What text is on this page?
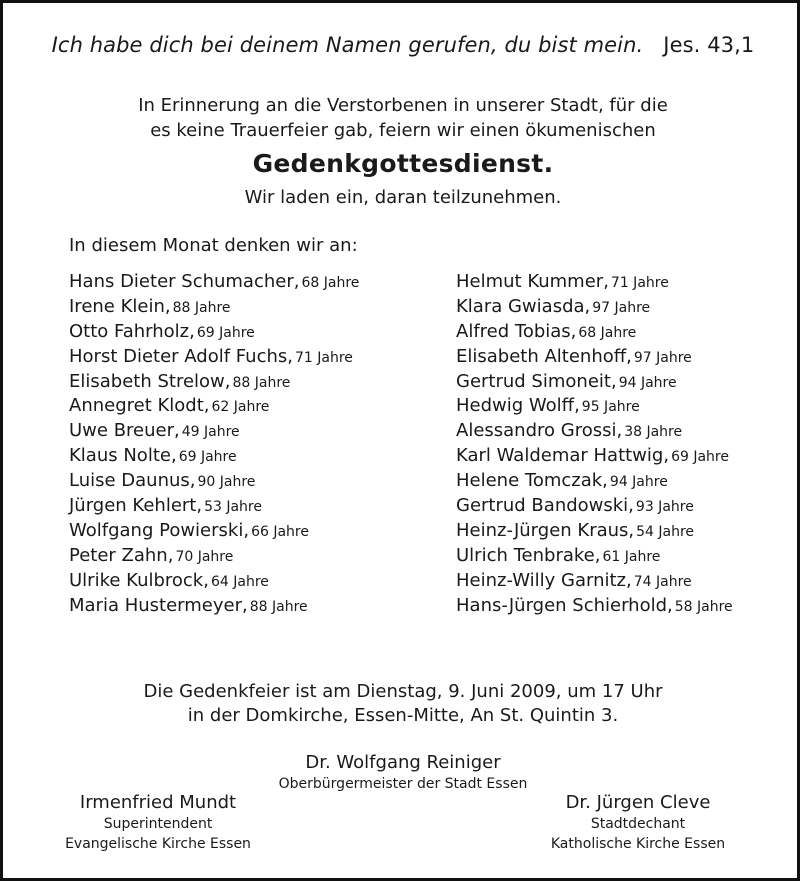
Ich habe dich bei deinem Namen gerufen, du bist mein. Jes. 43,1
In Erinnerung an die Verstorbenen in unserer Stadt, für die
es keine Trauerfeier gab, feiern wir einen ökumenischen
Gedenkgottesdienst.
Wir laden ein, daran teilzunehmen.
In diesem Monat denken wir an:
Hans Dieter Schumacher, 68 Jahre
Irene Klein, 88 Jahre
Otto Fahrholz, 69 Jahre
Horst Dieter Adolf Fuchs, 71 Jahre
Elisabeth Strelow, 88 Jahre
Annegret Klodt, 62 Jahre
Uwe Breuer, 49 Jahre
Klaus Nolte, 69 Jahre
Luise Daunus, 90 Jahre
Jürgen Kehlert, 53 Jahre
Wolfgang Powierski, 66 Jahre
Peter Zahn, 70 Jahre
Ulrike Kulbrock, 64 Jahre
Maria Hustermeyer, 88 Jahre
Helmut Kummer, 71 Jahre
Klara Gwiasda, 97 Jahre
Alfred Tobias, 68 Jahre
Elisabeth Altenhoff, 97 Jahre
Gertrud Simoneit, 94 Jahre
Hedwig Wolff, 95 Jahre
Alessandro Grossi, 38 Jahre
Karl Waldemar Hattwig, 69 Jahre
Helene Tomczak, 94 Jahre
Gertrud Bandowski, 93 Jahre
Heinz-Jürgen Kraus, 54 Jahre
Ulrich Tenbrake, 61 Jahre
Heinz-Willy Garnitz, 74 Jahre
Hans-Jürgen Schierhold, 58 Jahre
Die Gedenkfeier ist am Dienstag, 9. Juni 2009, um 17 Uhr
in der Domkirche, Essen-Mitte, An St. Quintin 3.
Dr. Wolfgang Reiniger
Oberbürgermeister der Stadt Essen
Irmenfried Mundt
Superintendent
Evangelische Kirche Essen
Dr. Jürgen Cleve
Stadtdechant
Katholische Kirche Essen
